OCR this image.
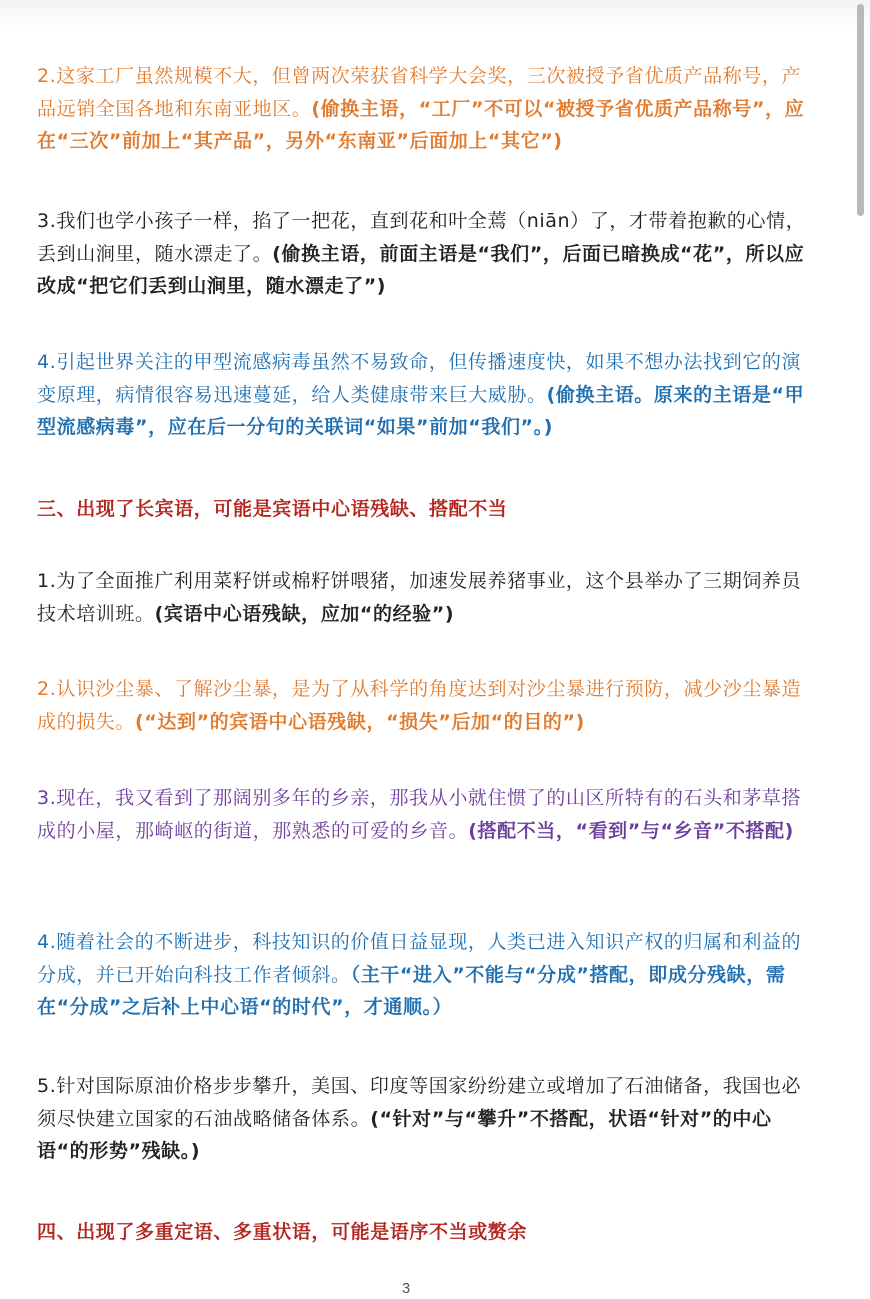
2.这家工厂虽然规模不大，但曾两次荣获省科学大会奖，三次被授予省优质产品称号，产品远销全国各地和东南亚地区。(偷换主语，“工厂”不可以“被授予省优质产品称号”，应在“三次”前加上“其产品”，另外“东南亚”后面加上“其它”)

3.我们也学小孩子一样，掐了一把花，直到花和叶全蔫（niān）了，才带着抱歉的心情，丢到山涧里，随水漂走了。(偷换主语，前面主语是“我们”，后面已暗换成“花”，所以应改成“把它们丢到山涧里，随水漂走了”)

4.引起世界关注的甲型流感病毒虽然不易致命，但传播速度快，如果不想办法找到它的演变原理，病情很容易迅速蔓延，给人类健康带来巨大威胁。(偷换主语。原来的主语是“甲型流感病毒”，应在后一分句的关联词“如果”前加“我们”。)

三、出现了长宾语，可能是宾语中心语残缺、搭配不当

1.为了全面推广利用菜籽饼或棉籽饼喂猪，加速发展养猪事业，这个县举办了三期饲养员技术培训班。(宾语中心语残缺，应加“的经验”)

2.认识沙尘暴、了解沙尘暴，是为了从科学的角度达到对沙尘暴进行预防，减少沙尘暴造成的损失。(“达到”的宾语中心语残缺，“损失”后加“的目的”)

3.现在，我又看到了那阔别多年的乡亲，那我从小就住惯了的山区所特有的石头和茅草搭成的小屋，那崎岖的街道，那熟悉的可爱的乡音。(搭配不当，“看到”与“乡音”不搭配)

4.随着社会的不断进步，科技知识的价值日益显现，人类已进入知识产权的归属和利益的分成，并已开始向科技工作者倾斜。（主干“进入”不能与“分成”搭配，即成分残缺，需在“分成”之后补上中心语“的时代”，才通顺。）

5.针对国际原油价格步步攀升，美国、印度等国家纷纷建立或增加了石油储备，我国也必须尽快建立国家的石油战略储备体系。(“针对”与“攀升”不搭配，状语“针对”的中心语“的形势”残缺。)

四、出现了多重定语、多重状语，可能是语序不当或赘余

3
